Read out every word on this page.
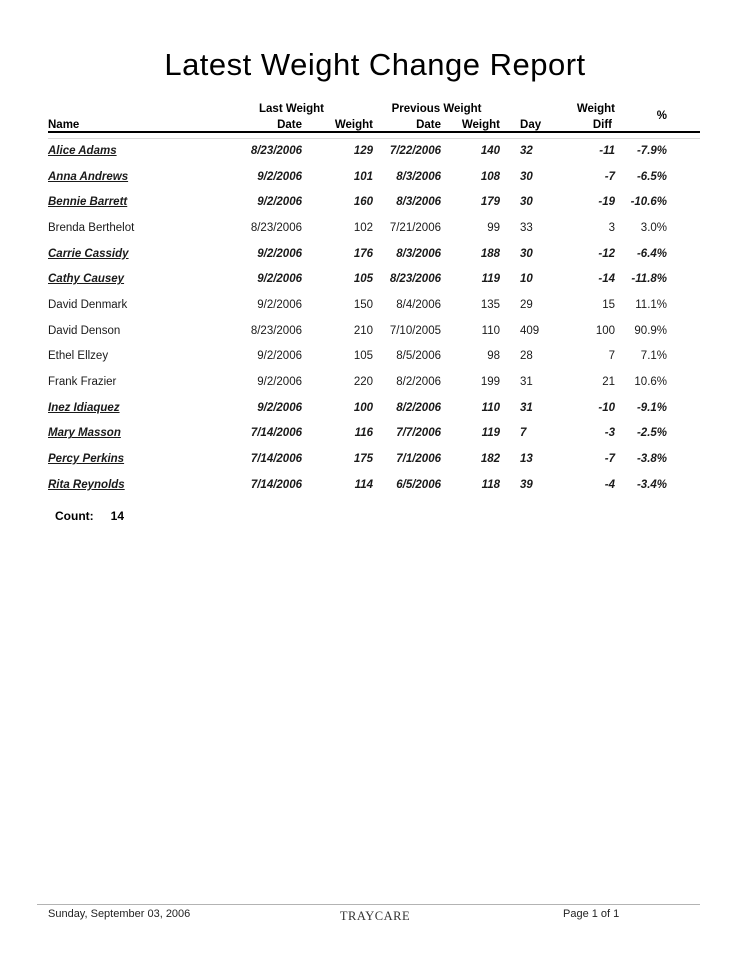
Latest Weight Change Report
	Last Weight		Previous Weight				Weight	%	
Name	Date	Weight	Date	Weight		Day	Diff		

Alice Adams	8/23/2006	129	7/22/2006	140		32	-11	-7.9%	
Anna Andrews	9/2/2006	101	8/3/2006	108		30	-7	-6.5%	
Bennie Barrett	9/2/2006	160	8/3/2006	179		30	-19	-10.6%	
Brenda Berthelot	8/23/2006	102	7/21/2006	99		33	3	3.0%	
Carrie Cassidy	9/2/2006	176	8/3/2006	188		30	-12	-6.4%	
Cathy Causey	9/2/2006	105	8/23/2006	119		10	-14	-11.8%	
David Denmark	9/2/2006	150	8/4/2006	135		29	15	11.1%	
David Denson	8/23/2006	210	7/10/2005	110		409	100	90.9%	
Ethel Ellzey	9/2/2006	105	8/5/2006	98		28	7	7.1%	
Frank Frazier	9/2/2006	220	8/2/2006	199		31	21	10.6%	
Inez Idiaquez	9/2/2006	100	8/2/2006	110		31	-10	-9.1%	
Mary Masson	7/14/2006	116	7/7/2006	119		7	-3	-2.5%	
Percy Perkins	7/14/2006	175	7/1/2006	182		13	-7	-3.8%	
Rita Reynolds	7/14/2006	114	6/5/2006	118		39	-4	-3.4%	
Count: 14
Sunday, September 03, 2006	TRAYCARE	Page 1 of 1
